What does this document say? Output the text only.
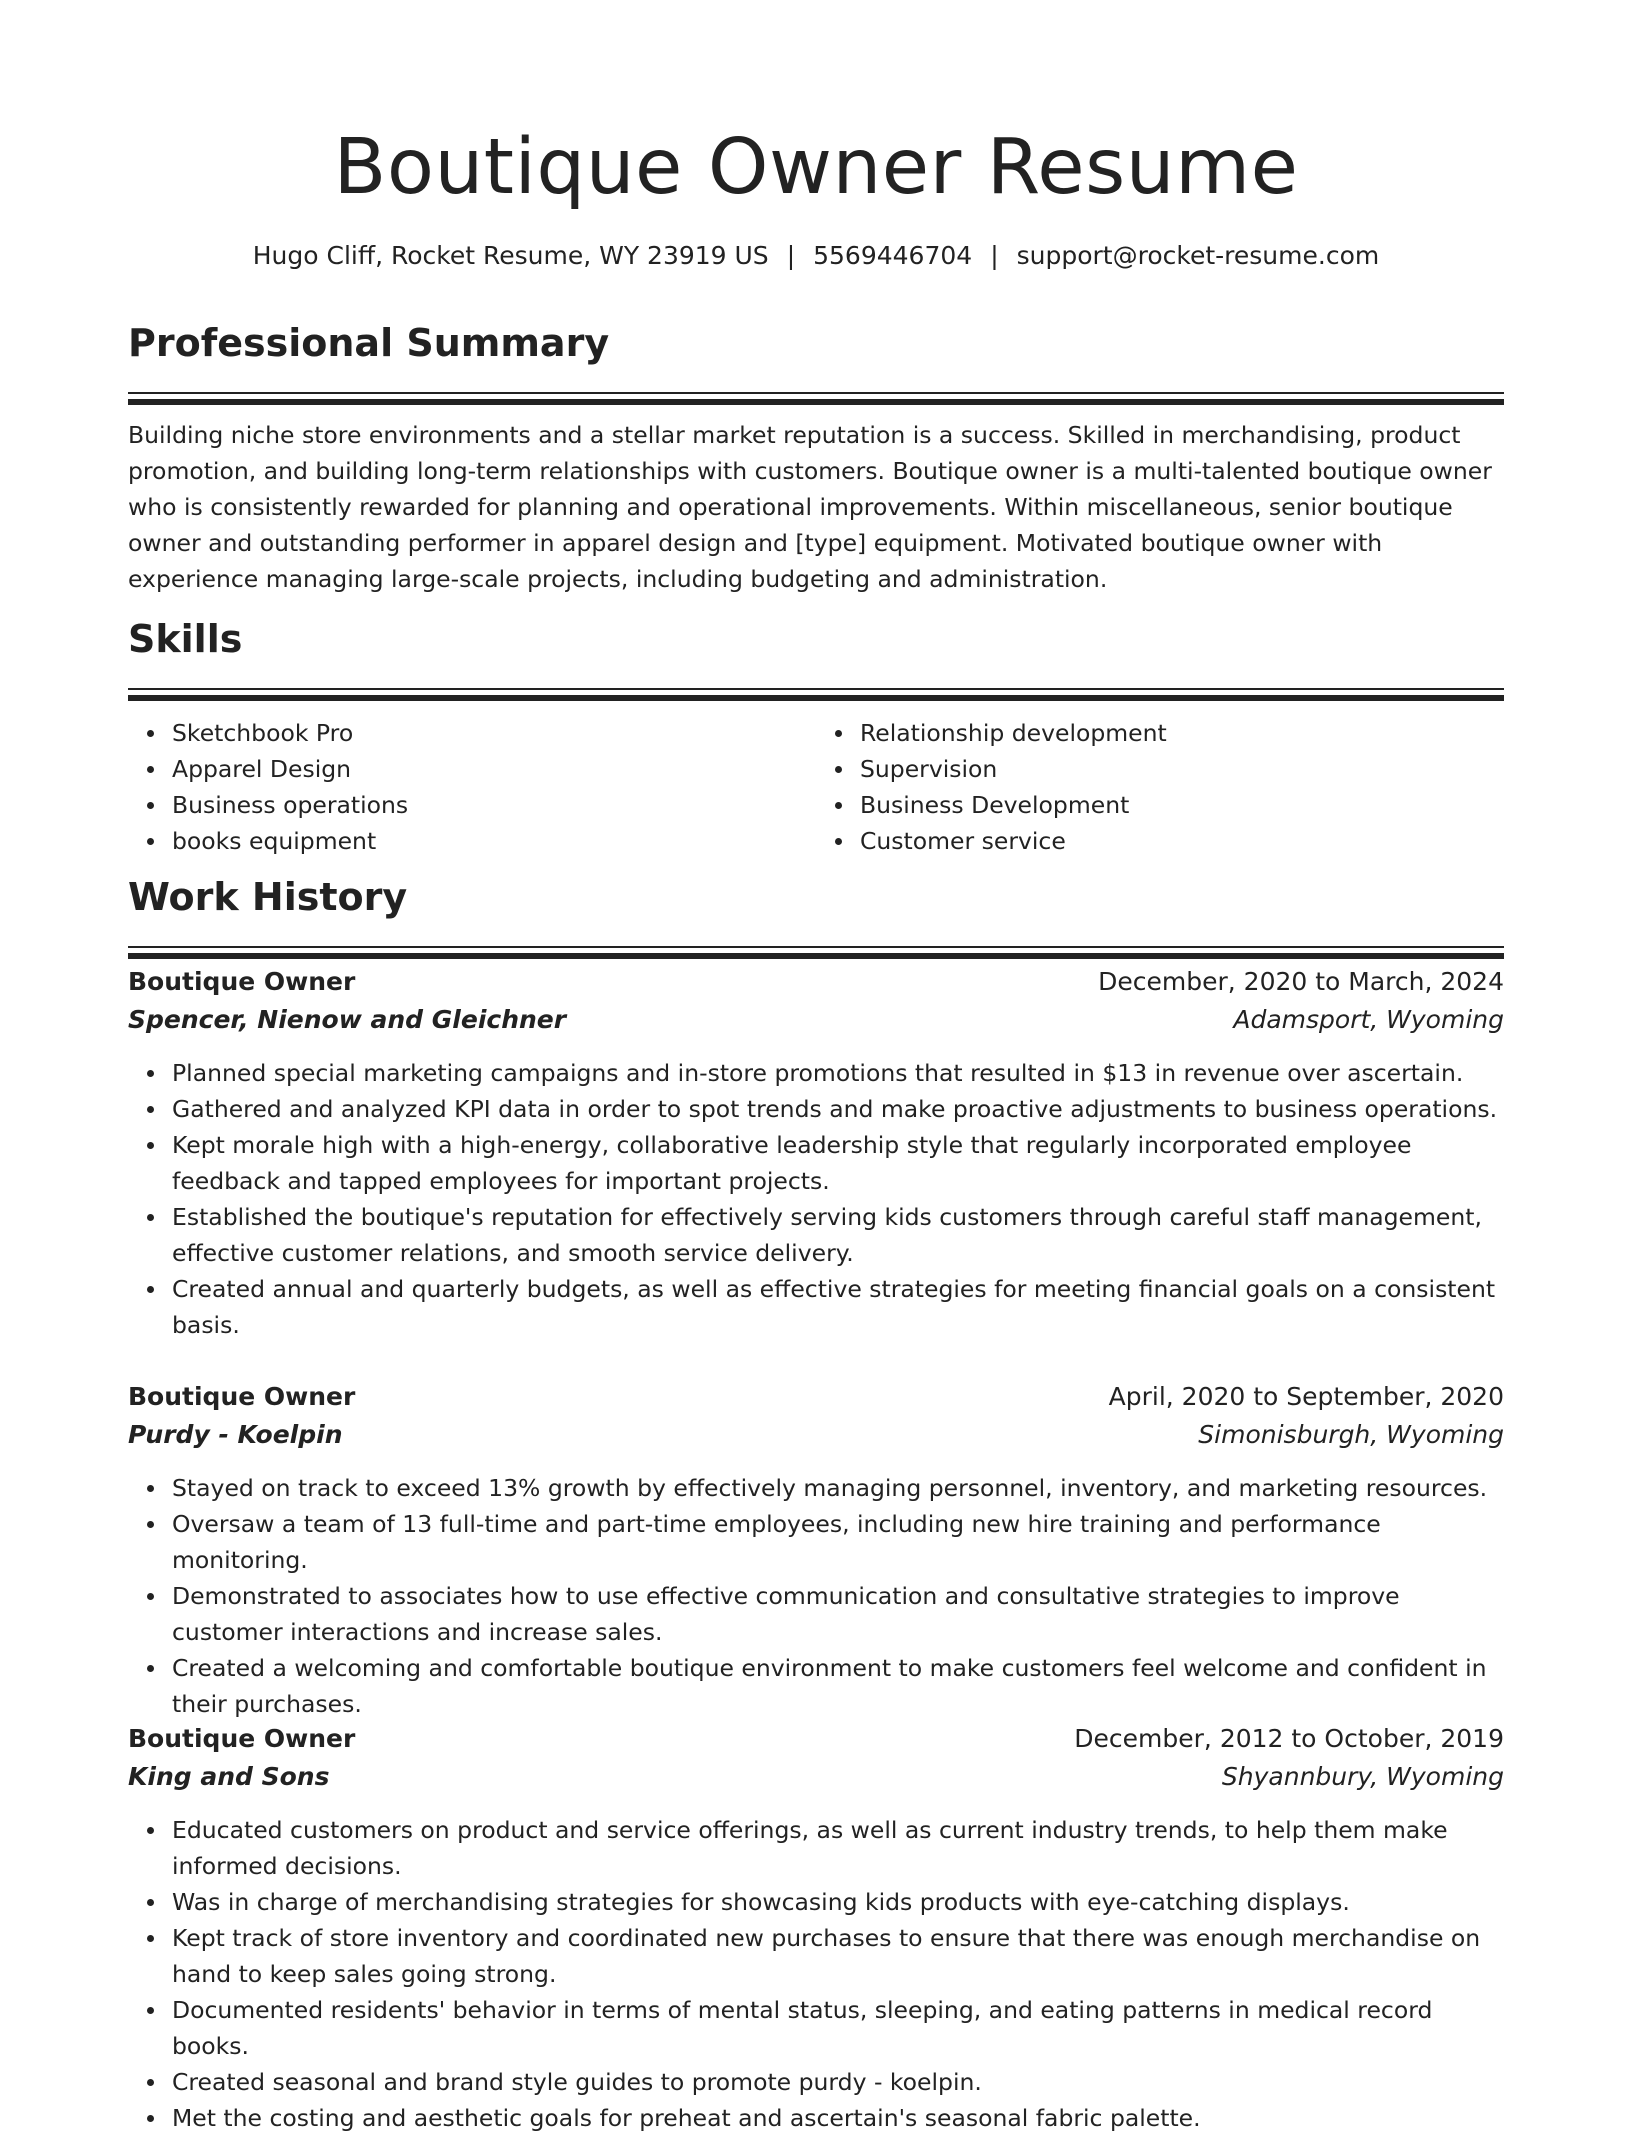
Boutique Owner Resume
Hugo Cliff, Rocket Resume, WY 23919 US | 5569446704 | support@rocket-resume.com
Professional Summary
Building niche store environments and a stellar market reputation is a success. Skilled in merchandising, product promotion, and building long-term relationships with customers. Boutique owner is a multi-talented boutique owner who is consistently rewarded for planning and operational improvements. Within miscellaneous, senior boutique owner and outstanding performer in apparel design and [type] equipment. Motivated boutique owner with experience managing large-scale projects, including budgeting and administration.
Skills
Sketchbook Pro
Apparel Design
Business operations
books equipment
Relationship development
Supervision
Business Development
Customer service
Work History
Boutique Owner	December, 2020 to March, 2024
Spencer, Nienow and Gleichner	Adamsport, Wyoming
Planned special marketing campaigns and in-store promotions that resulted in $13 in revenue over ascertain.
Gathered and analyzed KPI data in order to spot trends and make proactive adjustments to business operations.
Kept morale high with a high-energy, collaborative leadership style that regularly incorporated employee feedback and tapped employees for important projects.
Established the boutique's reputation for effectively serving kids customers through careful staff management, effective customer relations, and smooth service delivery.
Created annual and quarterly budgets, as well as effective strategies for meeting financial goals on a consistent basis.
Boutique Owner	April, 2020 to September, 2020
Purdy - Koelpin	Simonisburgh, Wyoming
Stayed on track to exceed 13% growth by effectively managing personnel, inventory, and marketing resources.
Oversaw a team of 13 full-time and part-time employees, including new hire training and performance monitoring.
Demonstrated to associates how to use effective communication and consultative strategies to improve customer interactions and increase sales.
Created a welcoming and comfortable boutique environment to make customers feel welcome and confident in their purchases.
Boutique Owner	December, 2012 to October, 2019
King and Sons	Shyannbury, Wyoming
Educated customers on product and service offerings, as well as current industry trends, to help them make informed decisions.
Was in charge of merchandising strategies for showcasing kids products with eye-catching displays.
Kept track of store inventory and coordinated new purchases to ensure that there was enough merchandise on hand to keep sales going strong.
Documented residents' behavior in terms of mental status, sleeping, and eating patterns in medical record books.
Created seasonal and brand style guides to promote purdy - koelpin.
Met the costing and aesthetic goals for preheat and ascertain's seasonal fabric palette.
